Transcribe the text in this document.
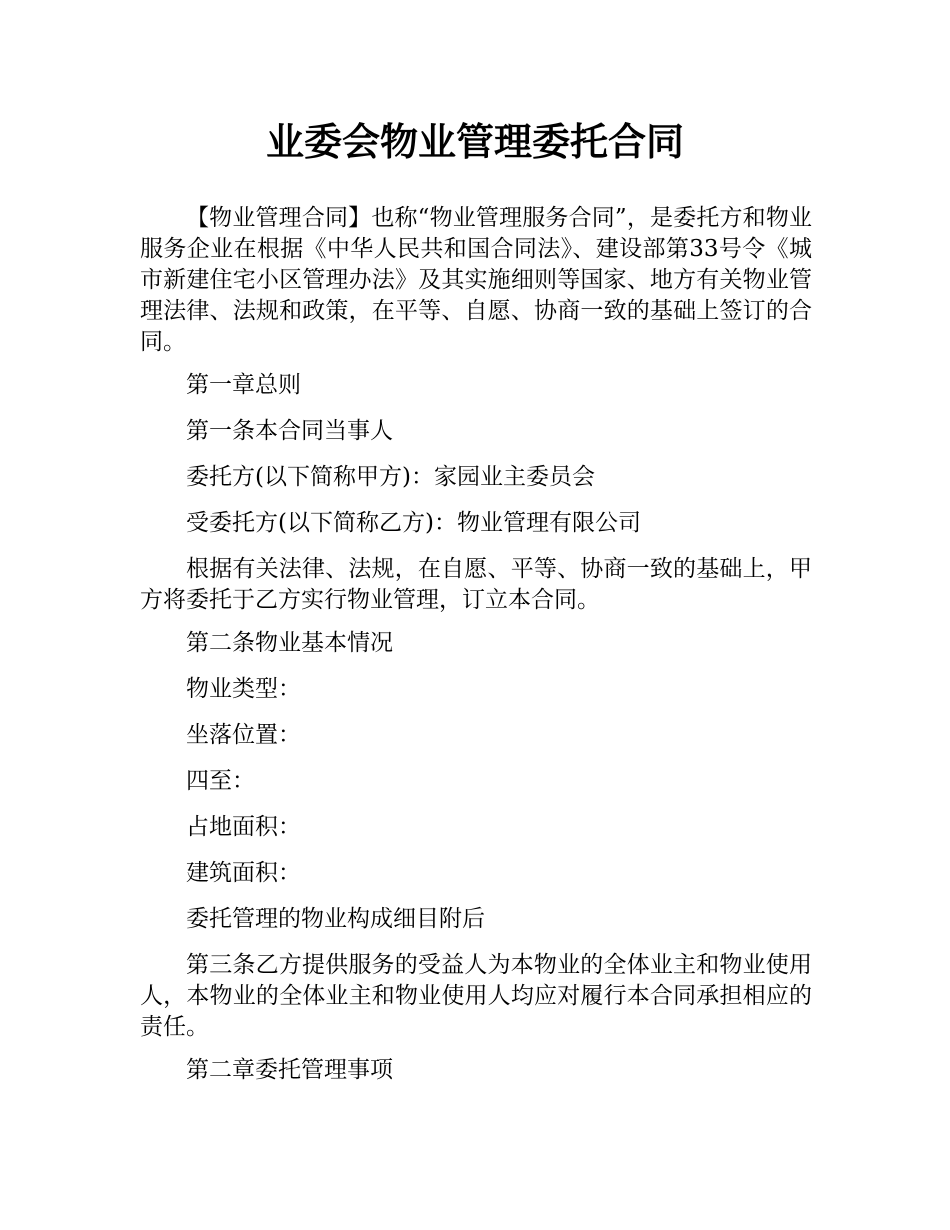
业委会物业管理委托合同

【物业管理合同】也称“物业管理服务合同”，是委托方和物业服务企业在根据《中华人民共和国合同法》、建设部第33号令《城市新建住宅小区管理办法》及其实施细则等国家、地方有关物业管理法律、法规和政策，在平等、自愿、协商一致的基础上签订的合同。

第一章总则

第一条本合同当事人

委托方(以下简称甲方)：家园业主委员会

受委托方(以下简称乙方)：物业管理有限公司

根据有关法律、法规，在自愿、平等、协商一致的基础上，甲方将委托于乙方实行物业管理，订立本合同。

第二条物业基本情况

物业类型：

坐落位置：

四至：

占地面积：

建筑面积：

委托管理的物业构成细目附后

第三条乙方提供服务的受益人为本物业的全体业主和物业使用人，本物业的全体业主和物业使用人均应对履行本合同承担相应的责任。

第二章委托管理事项
